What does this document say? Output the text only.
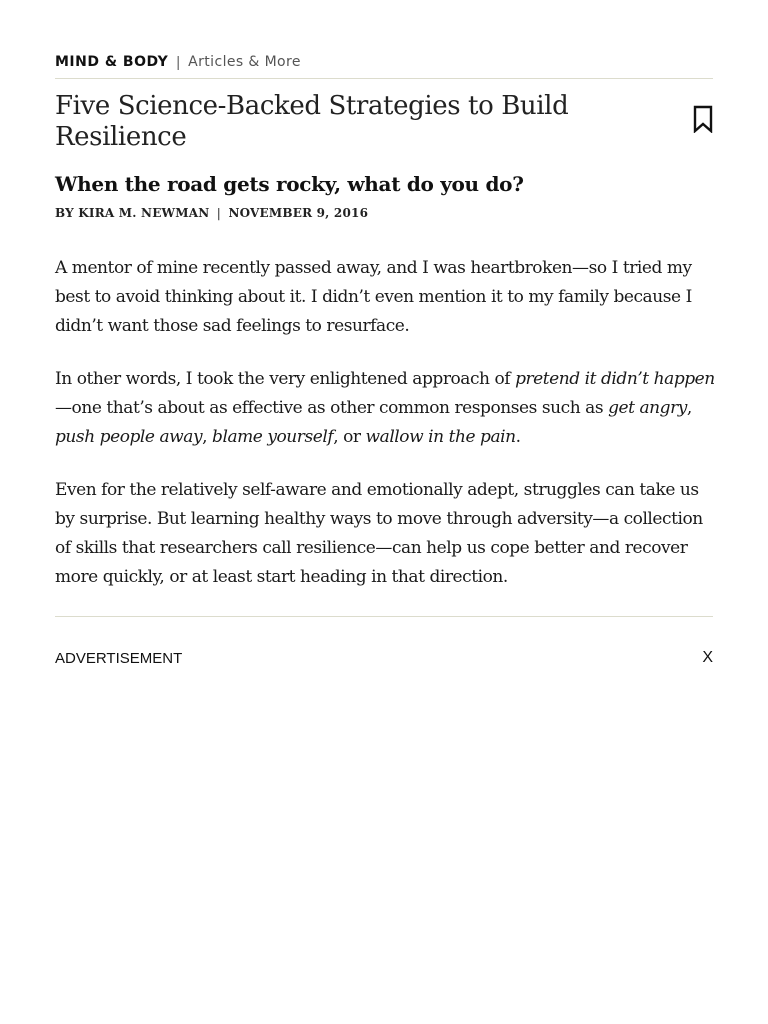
MIND & BODY | Articles & More
Five Science-Backed Strategies to Build Resilience
When the road gets rocky, what do you do?
BY KIRA M. NEWMAN | NOVEMBER 9, 2016

A mentor of mine recently passed away, and I was heartbroken—so I tried my best to avoid thinking about it. I didn’t even mention it to my family because I didn’t want those sad feelings to resurface.

In other words, I took the very enlightened approach of pretend it didn’t happen—one that’s about as effective as other common responses such as get angry, push people away, blame yourself, or wallow in the pain.

Even for the relatively self-aware and emotionally adept, struggles can take us by surprise. But learning healthy ways to move through adversity—a collection of skills that researchers call resilience—can help us cope better and recover more quickly, or at least start heading in that direction.

ADVERTISEMENT	X
